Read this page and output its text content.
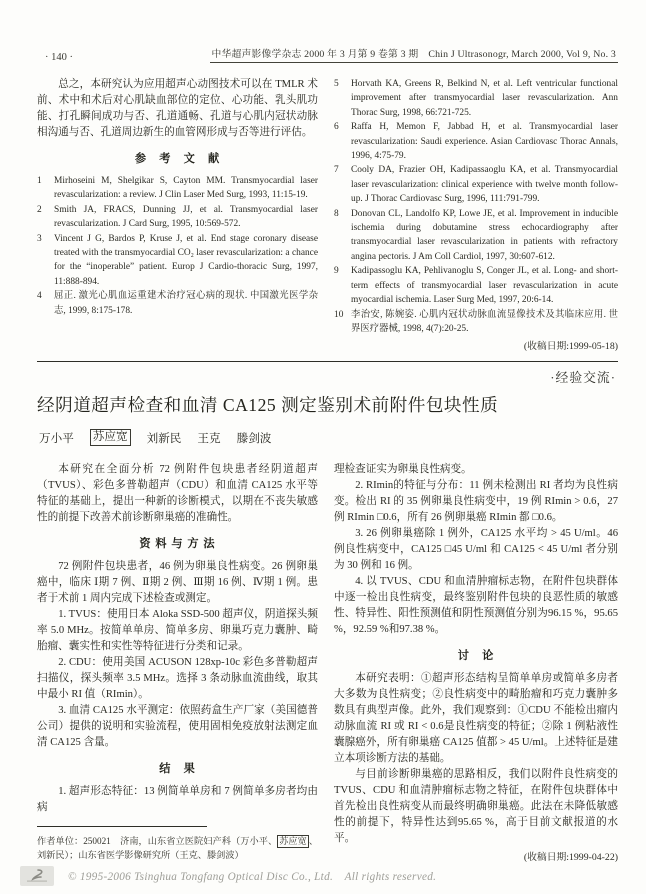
· 140 ·	中华超声影像学杂志 2000 年 3 月第 9 卷第 3 期　Chin J Ultrasonogr, March 2000, Vol 9, No. 3

总之，本研究认为应用超声心动图技术可以在 TMLR 术前、术中和术后对心肌缺血部位的定位、心功能、乳头肌功能、打孔瞬间成功与否、孔道通畅、孔道与心肌内冠状动脉相沟通与否、孔道周边新生的血管网形成与否等进行评估。

参　考　文　献
1	Mirhoseini M, Shelgikar S, Cayton MM. Transmyocardial laser revascularization: a review. J Clin Laser Med Surg, 1993, 11:15-19.
2	Smith JA, FRACS, Dunning JJ, et al. Transmyocardial laser revascularization. J Card Surg, 1995, 10:569-572.
3	Vincent J G, Bardos P, Kruse J, et al. End stage coronary disease treated with the transmyocardial CO₂ laser revascularization: a chance for the “inoperable” patient. Europ J Cardio-thoracic Surg, 1997, 11:888-894.
4	屈正. 激光心肌血运重建术治疗冠心病的现状. 中国激光医学杂志, 1999, 8:175-178.
5	Horvath KA, Greens R, Belkind N, et al. Left ventricular functional improvement after transmyocardial laser revascularization. Ann Thorac Surg, 1998, 66:721-725.
6	Raffa H, Memon F, Jabbad H, et al. Transmyocardial laser revascularization: Saudi experience. Asian Cardiovasc Thorac Annals, 1996, 4:75-79.
7	Cooly DA, Frazier OH, Kadipassaoglu KA, et al. Transmyocardial laser revascularization: clinical experience with twelve month follow-up. J Thorac Cardiovasc Surg, 1996, 111:791-799.
8	Donovan CL, Landolfo KP, Lowe JE, et al. Improvement in inducible ischemia during dobutamine stress echocardiography after transmyocardial laser revascularization in patients with refractory angina pectoris. J Am Coll Cardiol, 1997, 30:607-612.
9	Kadipassoglu KA, Pehlivanoglu S, Conger JL, et al. Long- and short-term effects of transmyocardial laser revascularization in acute myocardial ischemia. Laser Surg Med, 1997, 20:6-14.
10 李治安, 陈婉姿. 心肌内冠状动脉血流显像技术及其临床应用. 世界医疗器械, 1998, 4(7):20-25.
(收稿日期:1999-05-18)
·经验交流·
经阴道超声检查和血清 CA125 测定鉴别术前附件包块性质
万小平 苏应宽 刘新民 王克 滕剑波

本研究在全面分析 72 例附件包块患者经阴道超声（TVUS）、彩色多普勒超声（CDU）和血清 CA125 水平等特征的基础上，提出一种新的诊断模式，以期在不丧失敏感性的前提下改善术前诊断卵巢癌的准确性。

资 料 与 方 法

72 例附件包块患者，46 例为卵巢良性病变。26 例卵巢癌中，临床 Ⅰ期 7 例、Ⅱ期 2 例、Ⅲ期 16 例、Ⅳ期 1 例。患者于术前 1 周内完成下述检查或测定。

1. TVUS：使用日本 Aloka SSD-500 超声仪，阴道探头频率 5.0 MHz。按简单单房、简单多房、卵巢巧克力囊肿、畸胎瘤、囊实性和实性等特征进行分类和记录。

2. CDU：使用美国 ACUSON 128xp-10c 彩色多普勒超声扫描仪，探头频率 3.5 MHz。选择 3 条动脉血流曲线，取其中最小 RI 值（RImin）。

3. 血清 CA125 水平测定：依照药盒生产厂家（美国德普公司）提供的说明和实验流程，使用固相免疫放射法测定血清 CA125 含量。

结　果

1. 超声形态特征：13 例简单单房和 7 例简单多房者均由病

作者单位：250021　济南，山东省立医院妇产科（万小平、 苏应宽 、刘新民）；山东省医学影像研究所（王克、滕剑波）

理检查证实为卵巢良性病变。

2. RImin的特征与分布：11 例未检测出 RI 者均为良性病变。检出 RI 的 35 例卵巢良性病变中，19 例 RImin > 0.6，27 例 RImin □0.6，所有 26 例卵巢癌 RImin 都 □0.6。

3. 26 例卵巢癌除 1 例外，CA125 水平均 > 45 U/ml。46 例良性病变中，CA125 □45 U/ml 和 CA125 < 45 U/ml 者分别为 30 例和 16 例。

4. 以 TVUS、CDU 和血清肿瘤标志物，在附件包块群体中逐一检出良性病变，最终鉴别附件包块的良恶性质的敏感性、特异性、阳性预测值和阴性预测值分别为96.15 %，95.65 %，92.59 %和97.38 %。

讨　论

本研究表明：①超声形态结构呈简单单房或简单多房者大多数为良性病变；②良性病变中的畸胎瘤和巧克力囊肿多数具有典型声像。此外，我们观察到：①CDU 不能检出瘤内动脉血流 RI 或 RI < 0.6是良性病变的特征；②除 1 例粘液性囊腺癌外，所有卵巢癌 CA125 值都 > 45 U/ml。上述特征是建立本项诊断方法的基础。

与目前诊断卵巢癌的思路相反，我们以附件良性病变的 TVUS、CDU 和血清肿瘤标志物之特征，在附件包块群体中首先检出良性病变从而最终明确卵巢癌。此法在未降低敏感性的前提下，特异性达到95.65 %，高于目前文献报道的水平。

(收稿日期:1999-04-22)
© 1995-2006 Tsinghua Tongfang Optical Disc Co., Ltd.　All rights reserved.
